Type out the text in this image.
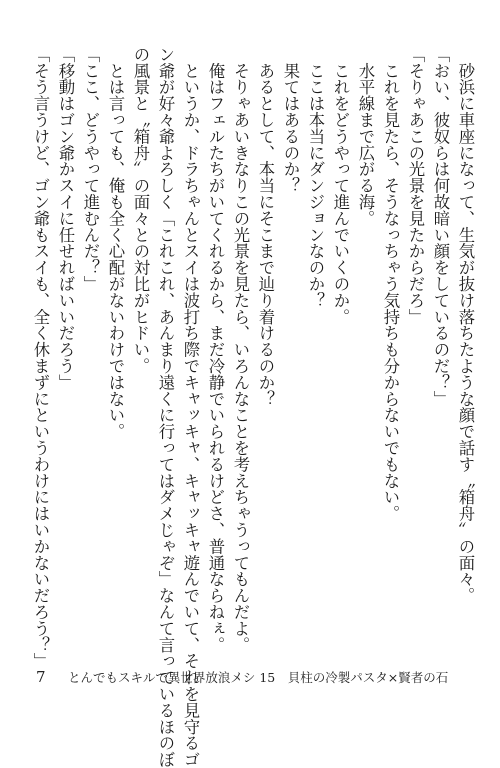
　砂浜に車座になって、生気が抜け落ちたような顔で話す〝箱舟〟の面々。
「おい、彼奴らは何故暗い顔をしているのだ？」
「そりゃあこの光景を見たからだろ」
　これを見たら、そうなっちゃう気持ちも分からないでもない。
　水平線まで広がる海。
　これをどうやって進んでいくのか。
　ここは本当にダンジョンなのか？
　果てはあるのか？
　あるとして、本当にそこまで辿り着けるのか？
　そりゃあいきなりこの光景を見たら、いろんなことを考えちゃうってもんだよ。
　俺はフェルたちがいてくれるから、まだ冷静でいられるけどさ、普通ならねぇ。
　というか、ドラちゃんとスイは波打ち際でキャッキャ、キャッキャ遊んでいて、それを見守るゴ
ン爺が好々爺よろしく「これこれ、あんまり遠くに行ってはダメじゃぞ」なんて言っているほのぼ
の風景と〝箱舟〟の面々との対比がヒドい。
　とは言っても、俺も全く心配がないわけではない。
「ここ、どうやって進むんだ？」
「移動はゴン爺かスイに任せればいいだろう」
「そう言うけど、ゴン爺もスイも、全く休まずにというわけにはいかないだろう？」
7 とんでもスキルで異世界放浪メシ 15　貝柱の冷製パスタ×賢者の石
